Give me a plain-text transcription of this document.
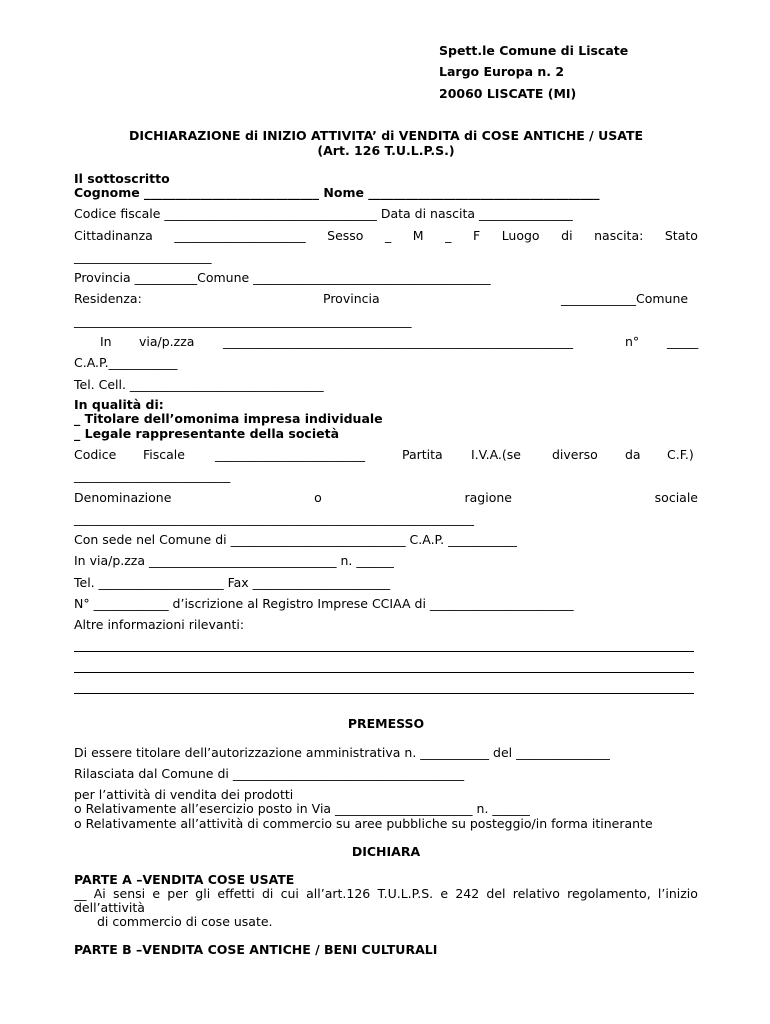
Spett.le Comune di Liscate
Largo Europa n. 2
20060 LISCATE (MI)
DICHIARAZIONE di INIZIO ATTIVITA’ di VENDITA di COSE ANTICHE / USATE
(Art. 126 T.U.L.P.S.)
Il sottoscritto
Cognome ____________________________ Nome _____________________________________
Codice fiscale __________________________________ Data di nascita _______________
Cittadinanza _____________________ Sesso _ M _ F Luogo di nascita: Stato
______________________
Provincia __________Comune ______________________________________
Residenza:	Provincia	____________Comune
______________________________________________________
In via/p.zza ________________________________________________________	n° _____
C.A.P.___________
Tel. Cell. _______________________________
In qualità di:
_ Titolare dell’omonima impresa individuale
_ Legale rappresentante della società
Codice Fiscale ________________________	Partita I.V.A.(se diverso da C.F.)
_________________________
Denominazione	o	ragione	sociale
________________________________________________________________
Con sede nel Comune di ____________________________ C.A.P. ___________
In via/p.zza ______________________________ n. ______
Tel. ____________________ Fax ______________________
N° ____________ d’iscrizione al Registro Imprese CCIAA di _______________________
Altre informazioni rilevanti:
PREMESSO
Di essere titolare dell’autorizzazione amministrativa n. ___________ del _______________
Rilasciata dal Comune di _____________________________________
per l’attività di vendita dei prodotti
o Relativamente all’esercizio posto in Via ______________________ n. ______
o Relativamente all’attività di commercio su aree pubbliche su posteggio/in forma itinerante
DICHIARA
PARTE A –VENDITA COSE USATE
__ Ai sensi e per gli effetti di cui all’art.126 T.U.L.P.S. e 242 del relativo regolamento, l’inizio
dell’attività
di commercio di cose usate.
PARTE B –VENDITA COSE ANTICHE / BENI CULTURALI
